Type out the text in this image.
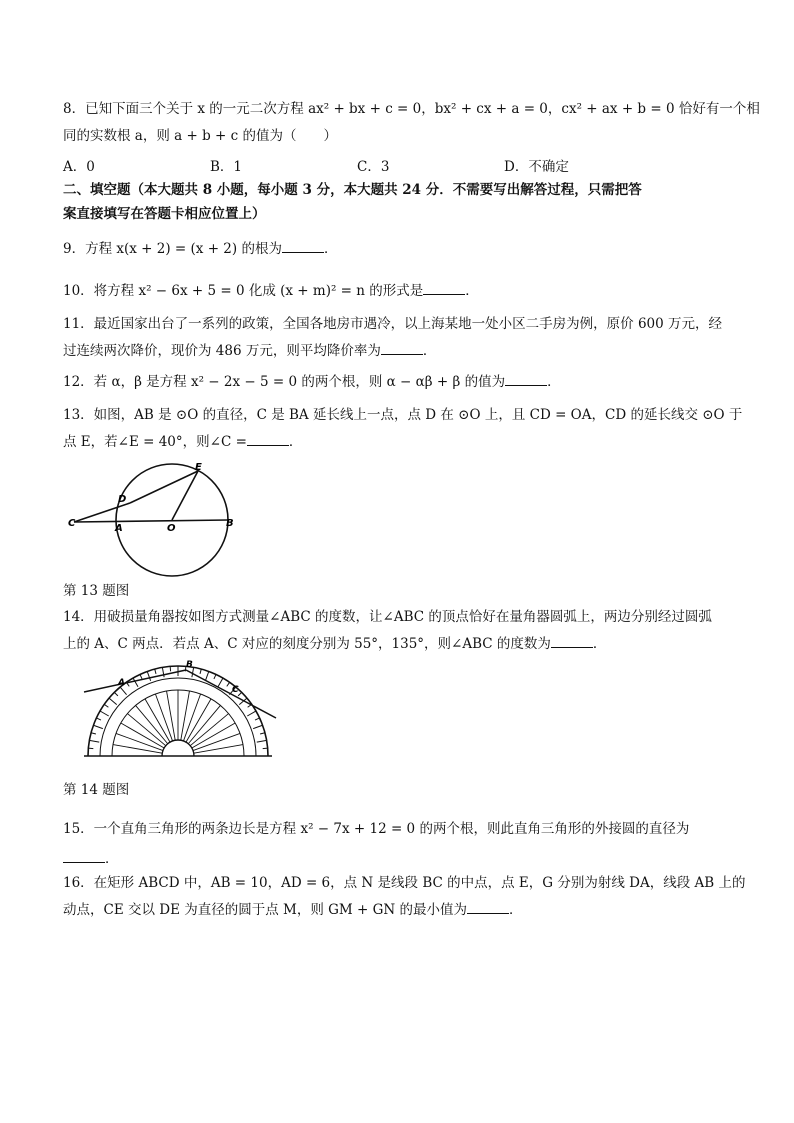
8．已知下面三个关于 x 的一元二次方程 ax² + bx + c = 0，bx² + cx + a = 0，cx² + ax + b = 0 恰好有一个相
同的实数根 a，则 a + b + c 的值为（　　）
A．0	B．1	C．3	D．不确定
二、填空题（本大题共 8 小题，每小题 3 分，本大题共 24 分．不需要写出解答过程，只需把答
案直接填写在答题卡相应位置上）
9．方程 x(x + 2) = (x + 2) 的根为	．
10．将方程 x² − 6x + 5 = 0 化成 (x + m)² = n 的形式是	．
11．最近国家出台了一系列的政策，全国各地房市遇冷，以上海某地一处小区二手房为例，原价 600 万元，经
过连续两次降价，现价为 486 万元，则平均降价率为	．
12．若 α，β 是方程 x² − 2x − 5 = 0 的两个根，则 α − αβ + β 的值为	．
13．如图，AB 是 ⊙O 的直径，C 是 BA 延长线上一点，点 D 在 ⊙O 上，且 CD = OA，CD 的延长线交 ⊙O 于
点 E，若∠E = 40°，则∠C =	．
C
D
A	O	B
E
第 13 题图
14．用破损量角器按如图方式测量∠ABC 的度数，让∠ABC 的顶点恰好在量角器圆弧上，两边分别经过圆弧
上的 A、C 两点．若点 A、C 对应的刻度分别为 55°，135°，则∠ABC 的度数为	．
A
B
C
第 14 题图
15．一个直角三角形的两条边长是方程 x² − 7x + 12 = 0 的两个根，则此直角三角形的外接圆的直径为
．
16．在矩形 ABCD 中，AB = 10，AD = 6，点 N 是线段 BC 的中点，点 E，G 分别为射线 DA，线段 AB 上的
动点，CE 交以 DE 为直径的圆于点 M，则 GM + GN 的最小值为	．
